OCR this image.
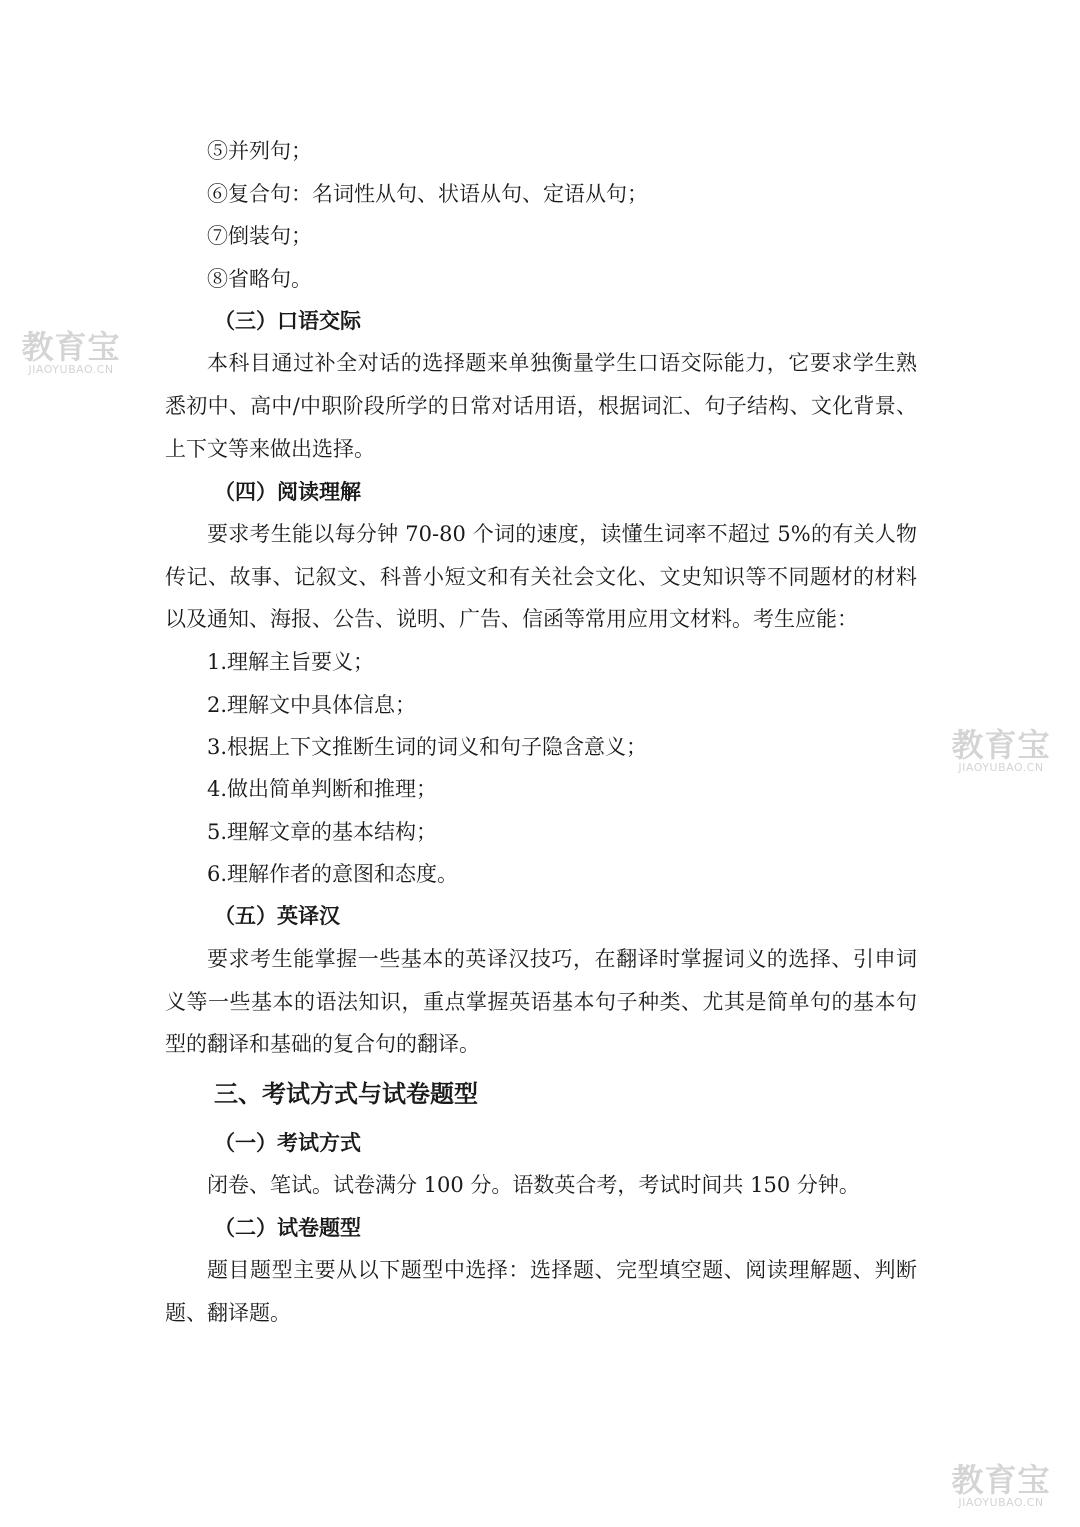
教育宝
JIAOYUBAO.CN
教育宝
JIAOYUBAO.CN
教育宝
JIAOYUBAO.CN
⑤并列句；
⑥复合句：名词性从句、状语从句、定语从句；
⑦倒装句；
⑧省略句。
（三）口语交际
本科目通过补全对话的选择题来单独衡量学生口语交际能力，它要求学生熟
悉初中、高中/中职阶段所学的日常对话用语，根据词汇、句子结构、文化背景、
上下文等来做出选择。
（四）阅读理解
要求考生能以每分钟 70-80 个词的速度，读懂生词率不超过 5%的有关人物
传记、故事、记叙文、科普小短文和有关社会文化、文史知识等不同题材的材料
以及通知、海报、公告、说明、广告、信函等常用应用文材料。考生应能：
1.理解主旨要义；
2.理解文中具体信息；
3.根据上下文推断生词的词义和句子隐含意义；
4.做出简单判断和推理；
5.理解文章的基本结构；
6.理解作者的意图和态度。
（五）英译汉
要求考生能掌握一些基本的英译汉技巧，在翻译时掌握词义的选择、引申词
义等一些基本的语法知识，重点掌握英语基本句子种类、尤其是简单句的基本句
型的翻译和基础的复合句的翻译。
三、考试方式与试卷题型
（一）考试方式
闭卷、笔试。试卷满分 100 分。语数英合考，考试时间共 150 分钟。
（二）试卷题型
题目题型主要从以下题型中选择：选择题、完型填空题、阅读理解题、判断
题、翻译题。
